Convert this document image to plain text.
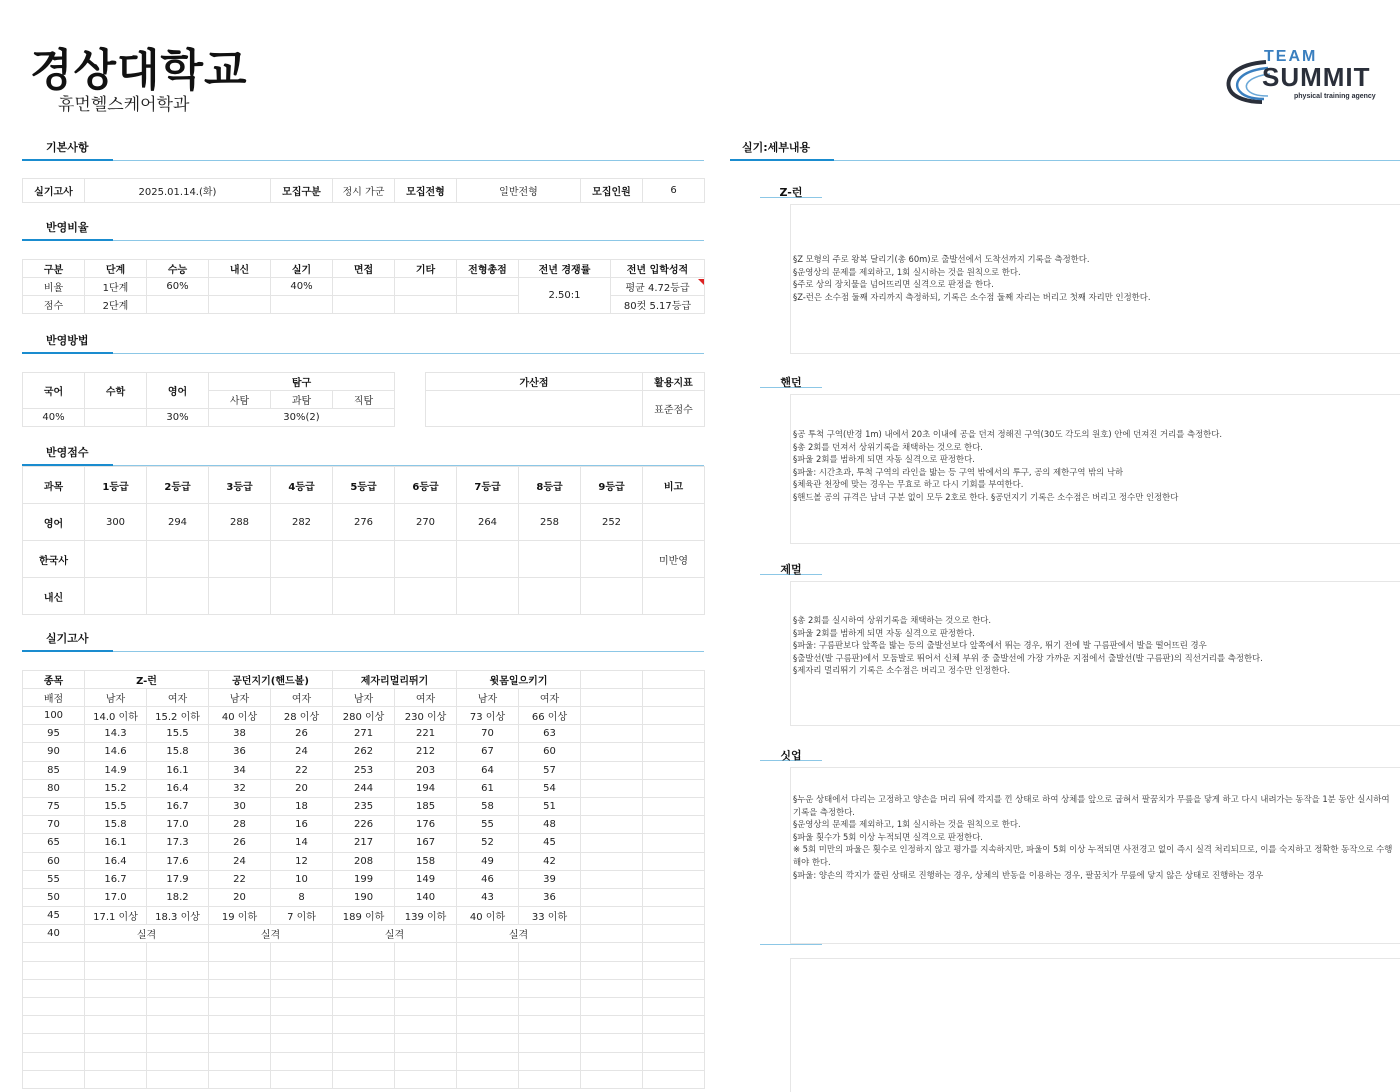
경상대학교
휴먼헬스케어학과
TEAM
SUMMIT
physical training agency
기본사항
실기고사	2025.01.14.(화)	모집구분	정시 가군	모집전형	일반전형	모집인원	6
반영비율
구분	단계	수능	내신	실기	면접	기타	전형총점	전년 경쟁률	전년 입학성적
비율	1단계	60%		40%				2.50:1	평균 4.72등급
점수	2단계								80컷 5.17등급
반영방법
국어	수학	영어	탐구		
			사탐	과탐	직탐
40%		30%	30%(2)		
가산점	활용지표
	표준점수
반영점수
과목	1등급	2등급	3등급	4등급	5등급	6등급	7등급	8등급	9등급	비고
영어	300	294	288	282	276	270	264	258	252	
한국사										미반영
내신										
실기고사
종목	Z-런		공던지기(핸드볼)		제자리멀리뛰기		윗몸일으키기			
배점	남자	여자	남자	여자	남자	여자	남자	여자		
100	14.0 이하	15.2 이하	40 이상	28 이상	280 이상	230 이상	73 이상	66 이상		
95	14.3	15.5	38	26	271	221	70	63		
90	14.6	15.8	36	24	262	212	67	60		
85	14.9	16.1	34	22	253	203	64	57		
80	15.2	16.4	32	20	244	194	61	54		
75	15.5	16.7	30	18	235	185	58	51		
70	15.8	17.0	28	16	226	176	55	48		
65	16.1	17.3	26	14	217	167	52	45		
60	16.4	17.6	24	12	208	158	49	42		
55	16.7	17.9	22	10	199	149	46	39		
50	17.0	18.2	20	8	190	140	43	36		
45	17.1 이상	18.3 이상	19 이하	7 이하	189 이하	139 이하	40 이하	33 이하		
40	실격		실격		실격		실격			

실기:세부내용
Z-런
§Z 모형의 주로 왕복 달리기(총 60m)로 출발선에서 도착선까지 기록을 측정한다.
§운영상의 문제를 제외하고, 1회 실시하는 것을 원칙으로 한다.
§주로 상의 장치물을 넘어뜨리면 실격으로 판정을 한다.
§Z-런은 소수점 둘째 자리까지 측정하되, 기록은 소수점 둘째 자리는 버리고 첫째 자리만 인정한다.
핸던
§공 투척 구역(반경 1m) 내에서 20초 이내에 공을 던져 정해진 구역(30도 각도의 원호) 안에 던져진 거리를 측정한다.
§총 2회를 던져서 상위기록을 채택하는 것으로 한다.
§파울 2회를 범하게 되면 자동 실격으로 판정한다.
§파울: 시간초과, 투척 구역의 라인을 밟는 등 구역 밖에서의 투구, 공의 제한구역 밖의 낙하
§체육관 천장에 맞는 경우는 무효로 하고 다시 기회를 부여한다.
§핸드볼 공의 규격은 남녀 구분 없이 모두 2호로 한다. §공던지기 기록은 소수점은 버리고 정수만 인정한다
제멀
§총 2회를 실시하여 상위기록을 채택하는 것으로 한다.
§파울 2회를 범하게 되면 자동 실격으로 판정한다.
§파울: 구름판보다 앞쪽을 밟는 등의 출발선보다 앞쪽에서 뛰는 경우, 뛰기 전에 발 구름판에서 발을 떨어뜨린 경우
§출발선(발 구름판)에서 모둠발로 뛰어서 신체 부위 중 출발선에 가장 가까운 지점에서 출발선(발 구름판)의 직선거리를 측정한다.
§제자리 멀리뛰기 기록은 소수점은 버리고 정수만 인정한다.
싯업
§누운 상태에서 다리는 고정하고 양손을 머리 뒤에 깍지를 낀 상태로 하여 상체를 앞으로 굽혀서 팔꿈치가 무릎을 닿게 하고 다시 내려가는 동작을 1분 동안 실시하여 기록을 측정한다.
§운영상의 문제를 제외하고, 1회 실시하는 것을 원칙으로 한다.
§파울 횟수가 5회 이상 누적되면 실격으로 판정한다.
※ 5회 미만의 파울은 횟수로 인정하지 않고 평가를 지속하지만, 파울이 5회 이상 누적되면 사전경고 없이 즉시 실격 처리되므로, 이를 숙지하고 정확한 동작으로 수행해야 한다.
§파울: 양손의 깍지가 풀린 상태로 진행하는 경우, 상체의 반동을 이용하는 경우, 팔꿈치가 무릎에 닿지 않은 상태로 진행하는 경우
